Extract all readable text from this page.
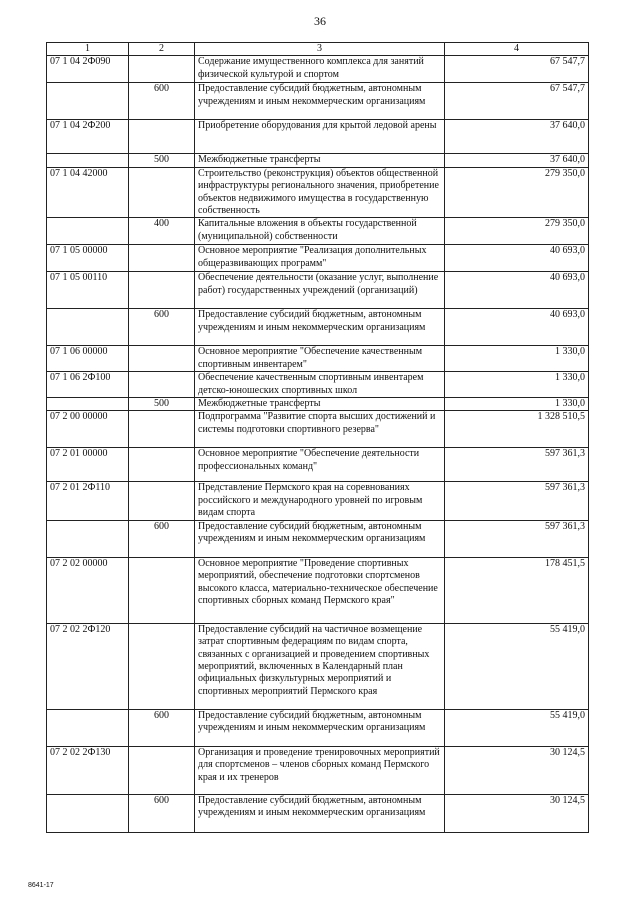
36
1	2	3	4
07 1 04 2Ф090		Содержание имущественного комплекса для занятий физической культурой и спортом	67 547,7
	600	Предоставление субсидий бюджетным, автономным учреждениям и иным некоммерческим организациям	67 547,7
07 1 04 2Ф200		Приобретение оборудования для крытой ледовой арены	37 640,0
	500	Межбюджетные трансферты	37 640,0
07 1 04 42000		Строительство (реконструкция) объектов общественной инфраструктуры регионального значения, приобретение объектов недвижимого имущества в государственную собственность	279 350,0
	400	Капитальные вложения в объекты государственной (муниципальной) собственности	279 350,0
07 1 05 00000		Основное мероприятие "Реализация дополнительных общеразвивающих программ"	40 693,0
07 1 05 00110		Обеспечение деятельности (оказание услуг, выполнение работ) государственных учреждений (организаций)	40 693,0
	600	Предоставление субсидий бюджетным, автономным учреждениям и иным некоммерческим организациям	40 693,0
07 1 06 00000		Основное мероприятие "Обеспечение качественным спортивным инвентарем"	1 330,0
07 1 06 2Ф100		Обеспечение качественным спортивным инвентарем детско-юношеских спортивных школ	1 330,0
	500	Межбюджетные трансферты	1 330,0
07 2 00 00000		Подпрограмма "Развитие спорта высших достижений и системы подготовки спортивного резерва"	1 328 510,5
07 2 01 00000		Основное мероприятие "Обеспечение деятельности профессиональных команд"	597 361,3
07 2 01 2Ф110		Представление Пермского края на соревнованиях российского и международного уровней по игровым видам спорта	597 361,3
	600	Предоставление субсидий бюджетным, автономным учреждениям и иным некоммерческим организациям	597 361,3
07 2 02 00000		Основное мероприятие "Проведение спортивных мероприятий, обеспечение подготовки спортсменов высокого класса, материально-техническое обеспечение спортивных сборных команд Пермского края"	178 451,5
07 2 02 2Ф120		Предоставление субсидий на частичное возмещение затрат спортивным федерациям по видам спорта, связанных с организацией и проведением спортивных мероприятий, включенных в Календарный план официальных физкультурных мероприятий и спортивных мероприятий Пермского края	55 419,0
	600	Предоставление субсидий бюджетным, автономным учреждениям и иным некоммерческим организациям	55 419,0
07 2 02 2Ф130		Организация и проведение тренировочных мероприятий для спортсменов – членов сборных команд Пермского края и их тренеров	30 124,5
	600	Предоставление субсидий бюджетным, автономным учреждениям и иным некоммерческим организациям	30 124,5
8641-17
